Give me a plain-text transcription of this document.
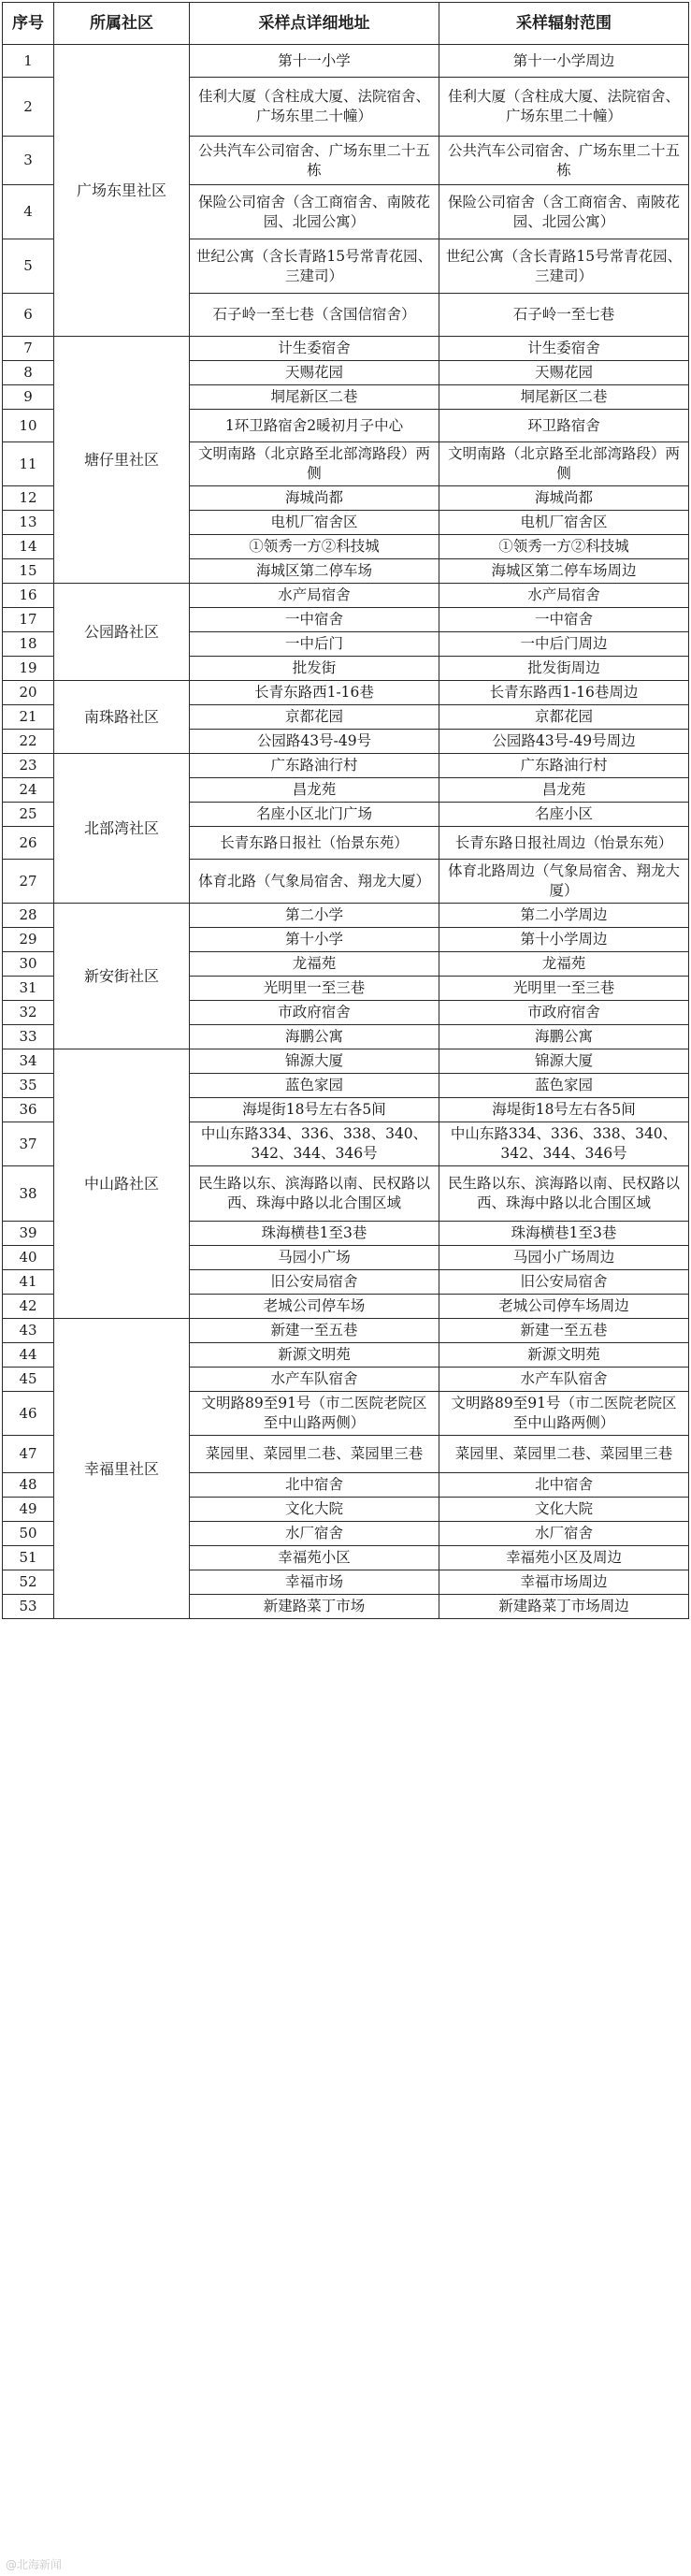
序号	所属社区	采样点详细地址	采样辐射范围
1	广场东里社区	第十一小学	第十一小学周边
2		佳利大厦（含柱成大厦、法院宿舍、广场东里二十幢）	佳利大厦（含柱成大厦、法院宿舍、广场东里二十幢）
3		公共汽车公司宿舍、广场东里二十五栋	公共汽车公司宿舍、广场东里二十五栋
4		保险公司宿舍（含工商宿舍、南陂花园、北园公寓）	保险公司宿舍（含工商宿舍、南陂花园、北园公寓）
5		世纪公寓（含长青路15号常青花园、三建司）	世纪公寓（含长青路15号常青花园、三建司）
6		石子岭一至七巷（含国信宿舍）	石子岭一至七巷
7	塘仔里社区	计生委宿舍	计生委宿舍
8		天赐花园	天赐花园
9		垌尾新区二巷	垌尾新区二巷
10		1环卫路宿舍2暖初月子中心	环卫路宿舍
11		文明南路（北京路至北部湾路段）两侧	文明南路（北京路至北部湾路段）两侧
12		海城尚都	海城尚都
13		电机厂宿舍区	电机厂宿舍区
14		①领秀一方②科技城	①领秀一方②科技城
15		海城区第二停车场	海城区第二停车场周边
16	公园路社区	水产局宿舍	水产局宿舍
17		一中宿舍	一中宿舍
18		一中后门	一中后门周边
19		批发街	批发街周边
20	南珠路社区	长青东路西1-16巷	长青东路西1-16巷周边
21		京都花园	京都花园
22		公园路43号-49号	公园路43号-49号周边
23	北部湾社区	广东路油行村	广东路油行村
24		昌龙苑	昌龙苑
25		名座小区北门广场	名座小区
26		长青东路日报社（怡景东苑）	长青东路日报社周边（怡景东苑）
27		体育北路（气象局宿舍、翔龙大厦）	体育北路周边（气象局宿舍、翔龙大厦）
28	新安街社区	第二小学	第二小学周边
29		第十小学	第十小学周边
30		龙福苑	龙福苑
31		光明里一至三巷	光明里一至三巷
32		市政府宿舍	市政府宿舍
33		海鹏公寓	海鹏公寓
34	中山路社区	锦源大厦	锦源大厦
35		蓝色家园	蓝色家园
36		海堤街18号左右各5间	海堤街18号左右各5间
37		中山东路334、336、338、340、342、344、346号	中山东路334、336、338、340、342、344、346号
38		民生路以东、滨海路以南、民权路以西、珠海中路以北合围区域	民生路以东、滨海路以南、民权路以西、珠海中路以北合围区域
39		珠海横巷1至3巷	珠海横巷1至3巷
40		马园小广场	马园小广场周边
41		旧公安局宿舍	旧公安局宿舍
42		老城公司停车场	老城公司停车场周边
43	幸福里社区	新建一至五巷	新建一至五巷
44		新源文明苑	新源文明苑
45		水产车队宿舍	水产车队宿舍
46		文明路89至91号（市二医院老院区至中山路两侧）	文明路89至91号（市二医院老院区至中山路两侧）
47		菜园里、菜园里二巷、菜园里三巷	菜园里、菜园里二巷、菜园里三巷
48		北中宿舍	北中宿舍
49		文化大院	文化大院
50		水厂宿舍	水厂宿舍
51		幸福苑小区	幸福苑小区及周边
52		幸福市场	幸福市场周边
53		新建路菜丁市场	新建路菜丁市场周边
@北海新闻
